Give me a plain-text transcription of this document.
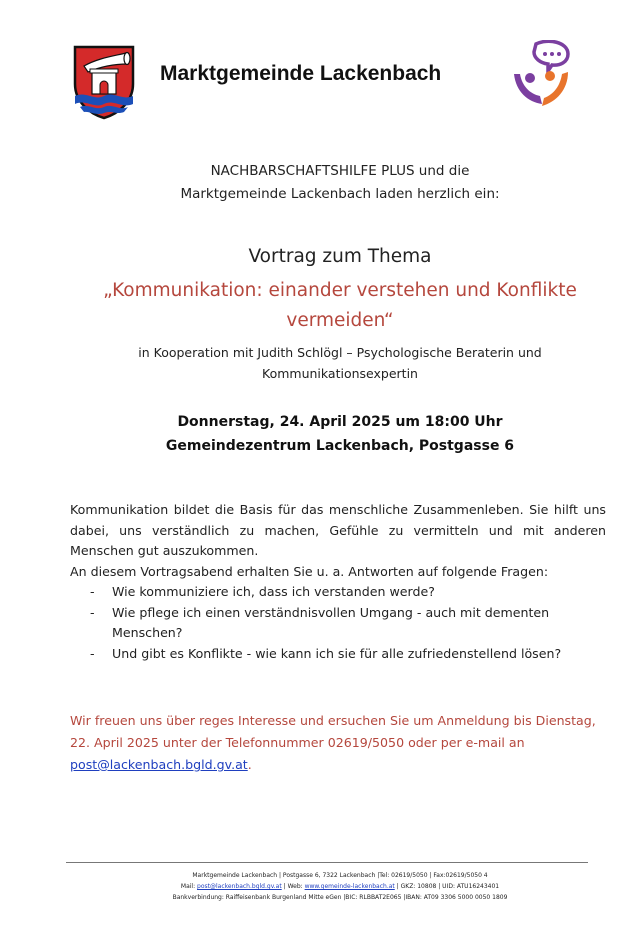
Marktgemeinde Lackenbach
NACHBARSCHAFTSHILFE PLUS und die
Marktgemeinde Lackenbach laden herzlich ein:
Vortrag zum Thema
„Kommunikation: einander verstehen und Konflikte vermeiden“
in Kooperation mit Judith Schlögl – Psychologische Beraterin und Kommunikationsexpertin
Donnerstag, 24. April 2025 um 18:00 Uhr
Gemeindezentrum Lackenbach, Postgasse 6

Kommunikation bildet die Basis für das menschliche Zusammenleben. Sie hilft uns dabei, uns verständlich zu machen, Gefühle zu vermitteln und mit anderen Menschen gut auszukommen.

An diesem Vortragsabend erhalten Sie u. a. Antworten auf folgende Fragen:

- Wie kommuniziere ich, dass ich verstanden werde?
- Wie pflege ich einen verständnisvollen Umgang - auch mit dementen Menschen?
- Und gibt es Konflikte - wie kann ich sie für alle zufriedenstellend lösen?
Wir freuen uns über reges Interesse und ersuchen Sie um Anmeldung bis Dienstag, 22. April 2025 unter der Telefonnummer 02619/5050 oder per e-mail an post@lackenbach.bgld.gv.at.
Marktgemeinde Lackenbach | Postgasse 6, 7322 Lackenbach |Tel: 02619/5050 | Fax:02619/5050 4
Mail: post@lackenbach.bgld.gv.at | Web: www.gemeinde-lackenbach.at | GKZ: 10808 | UID: ATU16243401
Bankverbindung: Raiffeisenbank Burgenland Mitte eGen |BIC: RLBBAT2E065 |IBAN: AT09 3306 5000 0050 1809
